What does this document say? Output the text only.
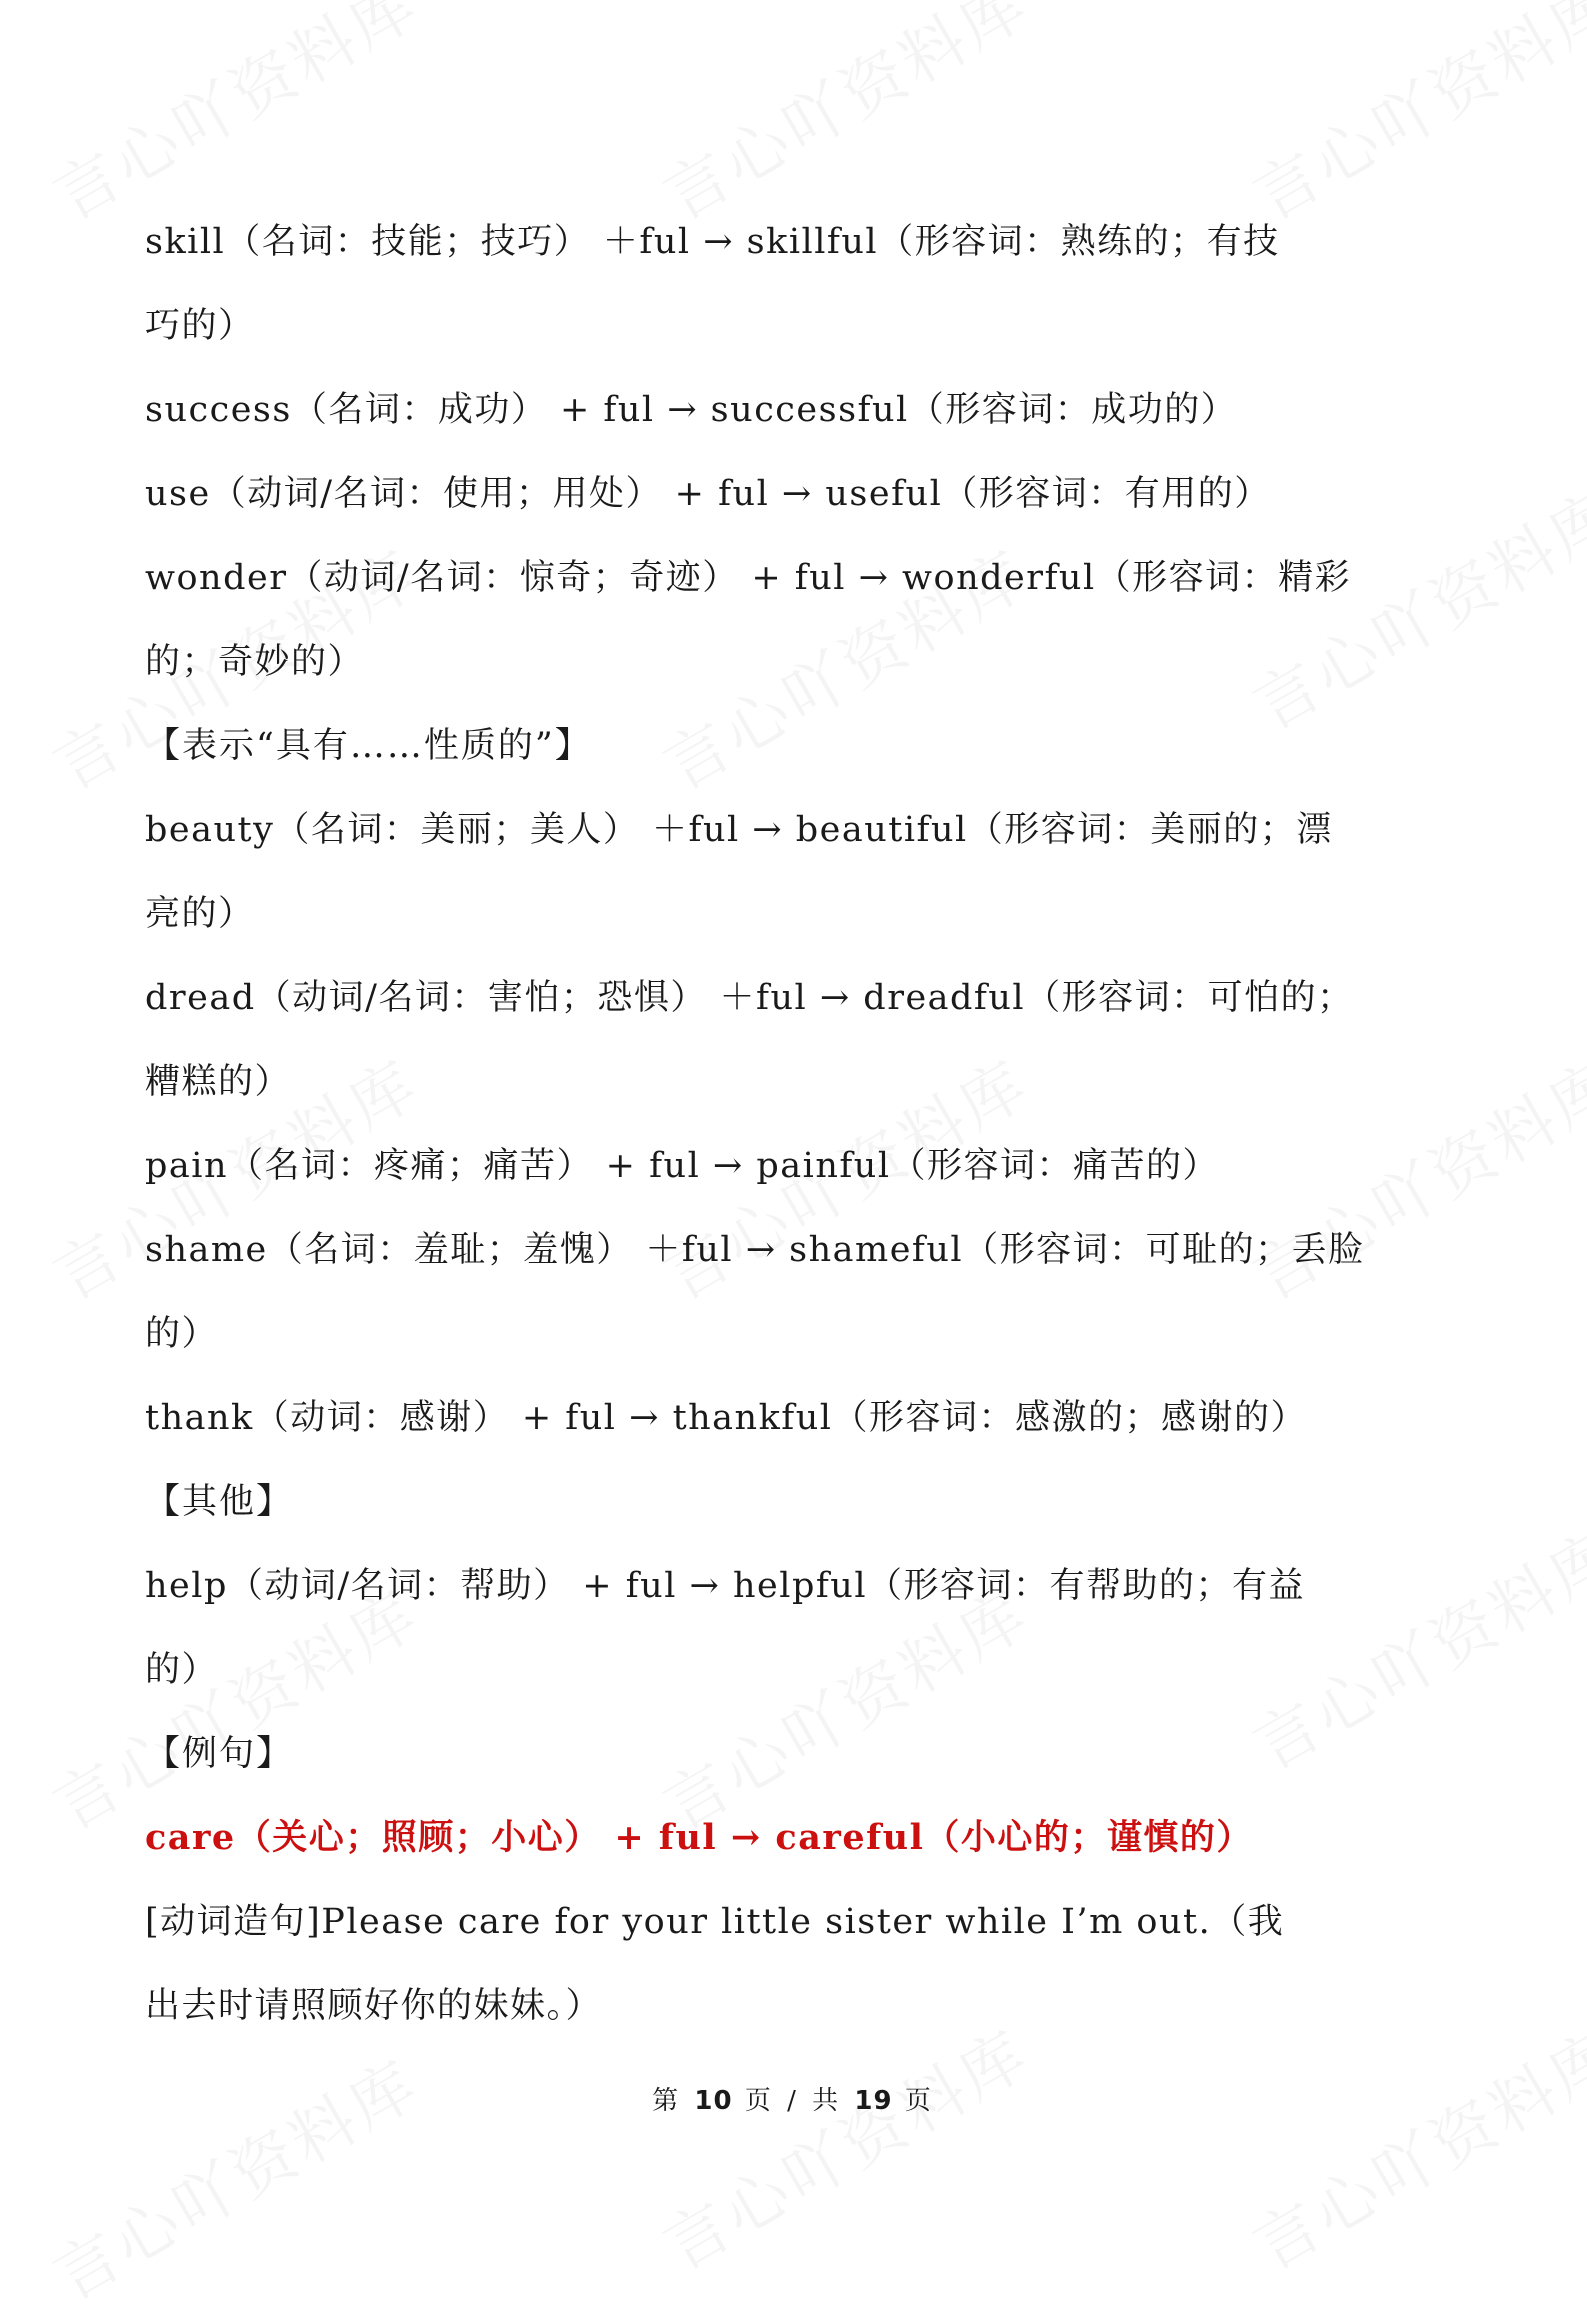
skill（名词：技能；技巧） ＋ful → skillful（形容词：熟练的；有技
巧的）
success（名词：成功） + ful → successful（形容词：成功的）
use（动词/名词：使用；用处） + ful → useful（形容词：有用的）
wonder（动词/名词：惊奇；奇迹） + ful → wonderful（形容词：精彩
的；奇妙的）
【表示“具有……性质的”】
beauty（名词：美丽；美人） ＋ful → beautiful（形容词：美丽的；漂
亮的）
dread（动词/名词：害怕；恐惧） ＋ful → dreadful（形容词：可怕的；
糟糕的）
pain（名词：疼痛；痛苦） + ful → painful（形容词：痛苦的）
shame（名词：羞耻；羞愧） ＋ful → shameful（形容词：可耻的；丢脸
的）
thank（动词：感谢） + ful → thankful（形容词：感激的；感谢的）
【其他】
help（动词/名词：帮助） + ful → helpful（形容词：有帮助的；有益
的）
【例句】
care（关心；照顾；小心） + ful → careful（小心的；谨慎的）
[动词造句]Please care for your little sister while I’m out.（我
出去时请照顾好你的妹妹。）
第 10 页 / 共 19 页
